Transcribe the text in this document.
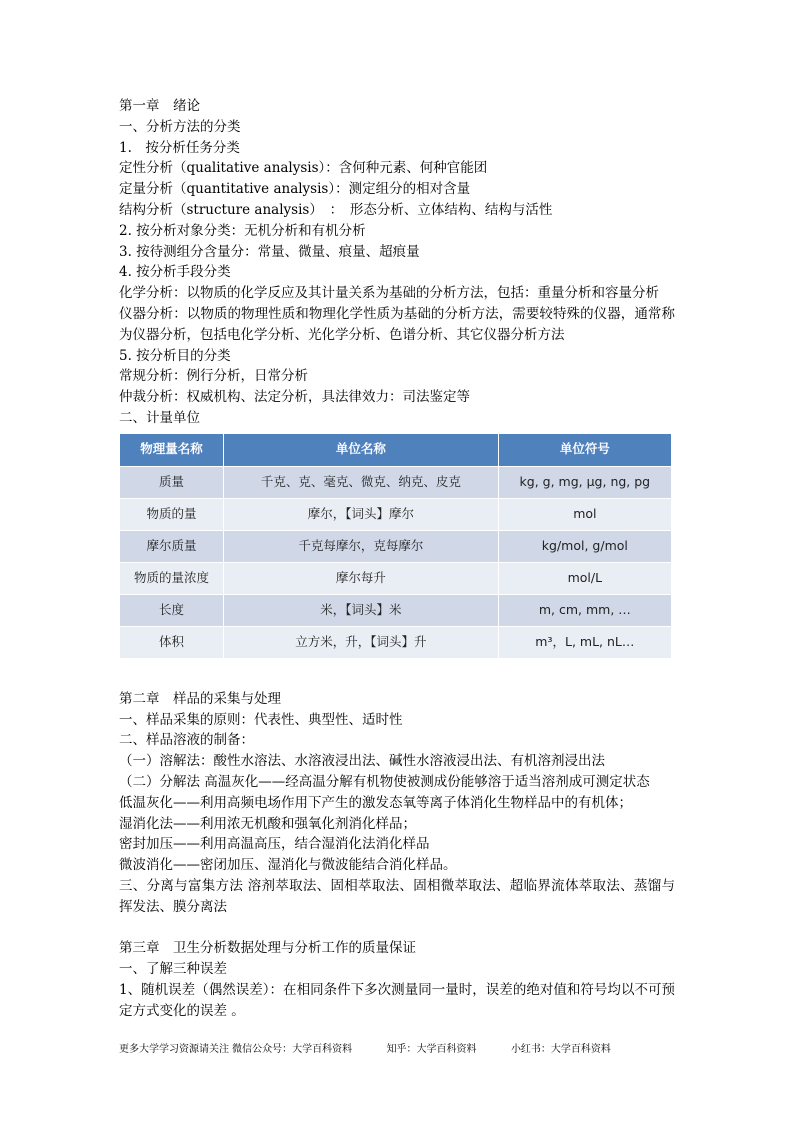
第一章　绪论
一、分析方法的分类
1.　按分析任务分类
定性分析（qualitative analysis）：含何种元素、何种官能团
定量分析（quantitative analysis）：测定组分的相对含量
结构分析（structure analysis）　：　形态分析、立体结构、结构与活性
2. 按分析对象分类：无机分析和有机分析
3. 按待测组分含量分：常量、微量、痕量、超痕量
4. 按分析手段分类
化学分析：以物质的化学反应及其计量关系为基础的分析方法，包括：重量分析和容量分析
仪器分析：以物质的物理性质和物理化学性质为基础的分析方法，需要较特殊的仪器，通常称为仪器分析，包括电化学分析、光化学分析、色谱分析、其它仪器分析方法
5. 按分析目的分类
常规分析：例行分析，日常分析
仲裁分析：权威机构、法定分析，具法律效力：司法鉴定等
二、计量单位
物理量名称	单位名称	单位符号
质量	千克、克、毫克、微克、纳克、皮克	kg, g, mg, µg, ng, pg
物质的量	摩尔，【词头】摩尔	mol
摩尔质量	千克每摩尔，克每摩尔	kg/mol, g/mol
物质的量浓度	摩尔每升	mol/L
长度	米，【词头】米	m, cm, mm, …
体积	立方米，升，【词头】升	m³，L, mL, nL…
第二章　样品的采集与处理
一、样品采集的原则：代表性、典型性、适时性
二、样品溶液的制备：
（一）溶解法：酸性水溶法、水溶液浸出法、碱性水溶液浸出法、有机溶剂浸出法
（二）分解法 高温灰化——经高温分解有机物使被测成份能够溶于适当溶剂成可测定状态
低温灰化——利用高频电场作用下产生的激发态氧等离子体消化生物样品中的有机体；
湿消化法——利用浓无机酸和强氧化剂消化样品；
密封加压——利用高温高压，结合湿消化法消化样品
微波消化——密闭加压、湿消化与微波能结合消化样品。
三、分离与富集方法 溶剂萃取法、固相萃取法、固相微萃取法、超临界流体萃取法、蒸馏与挥发法、膜分离法
第三章　卫生分析数据处理与分析工作的质量保证
一、了解三种误差
1、随机误差（偶然误差）：在相同条件下多次测量同一量时，误差的绝对值和符号均以不可预定方式变化的误差 。
更多大学学习资源请关注 微信公众号：大学百科资料	知乎：大学百科资料	小红书：大学百科资料
